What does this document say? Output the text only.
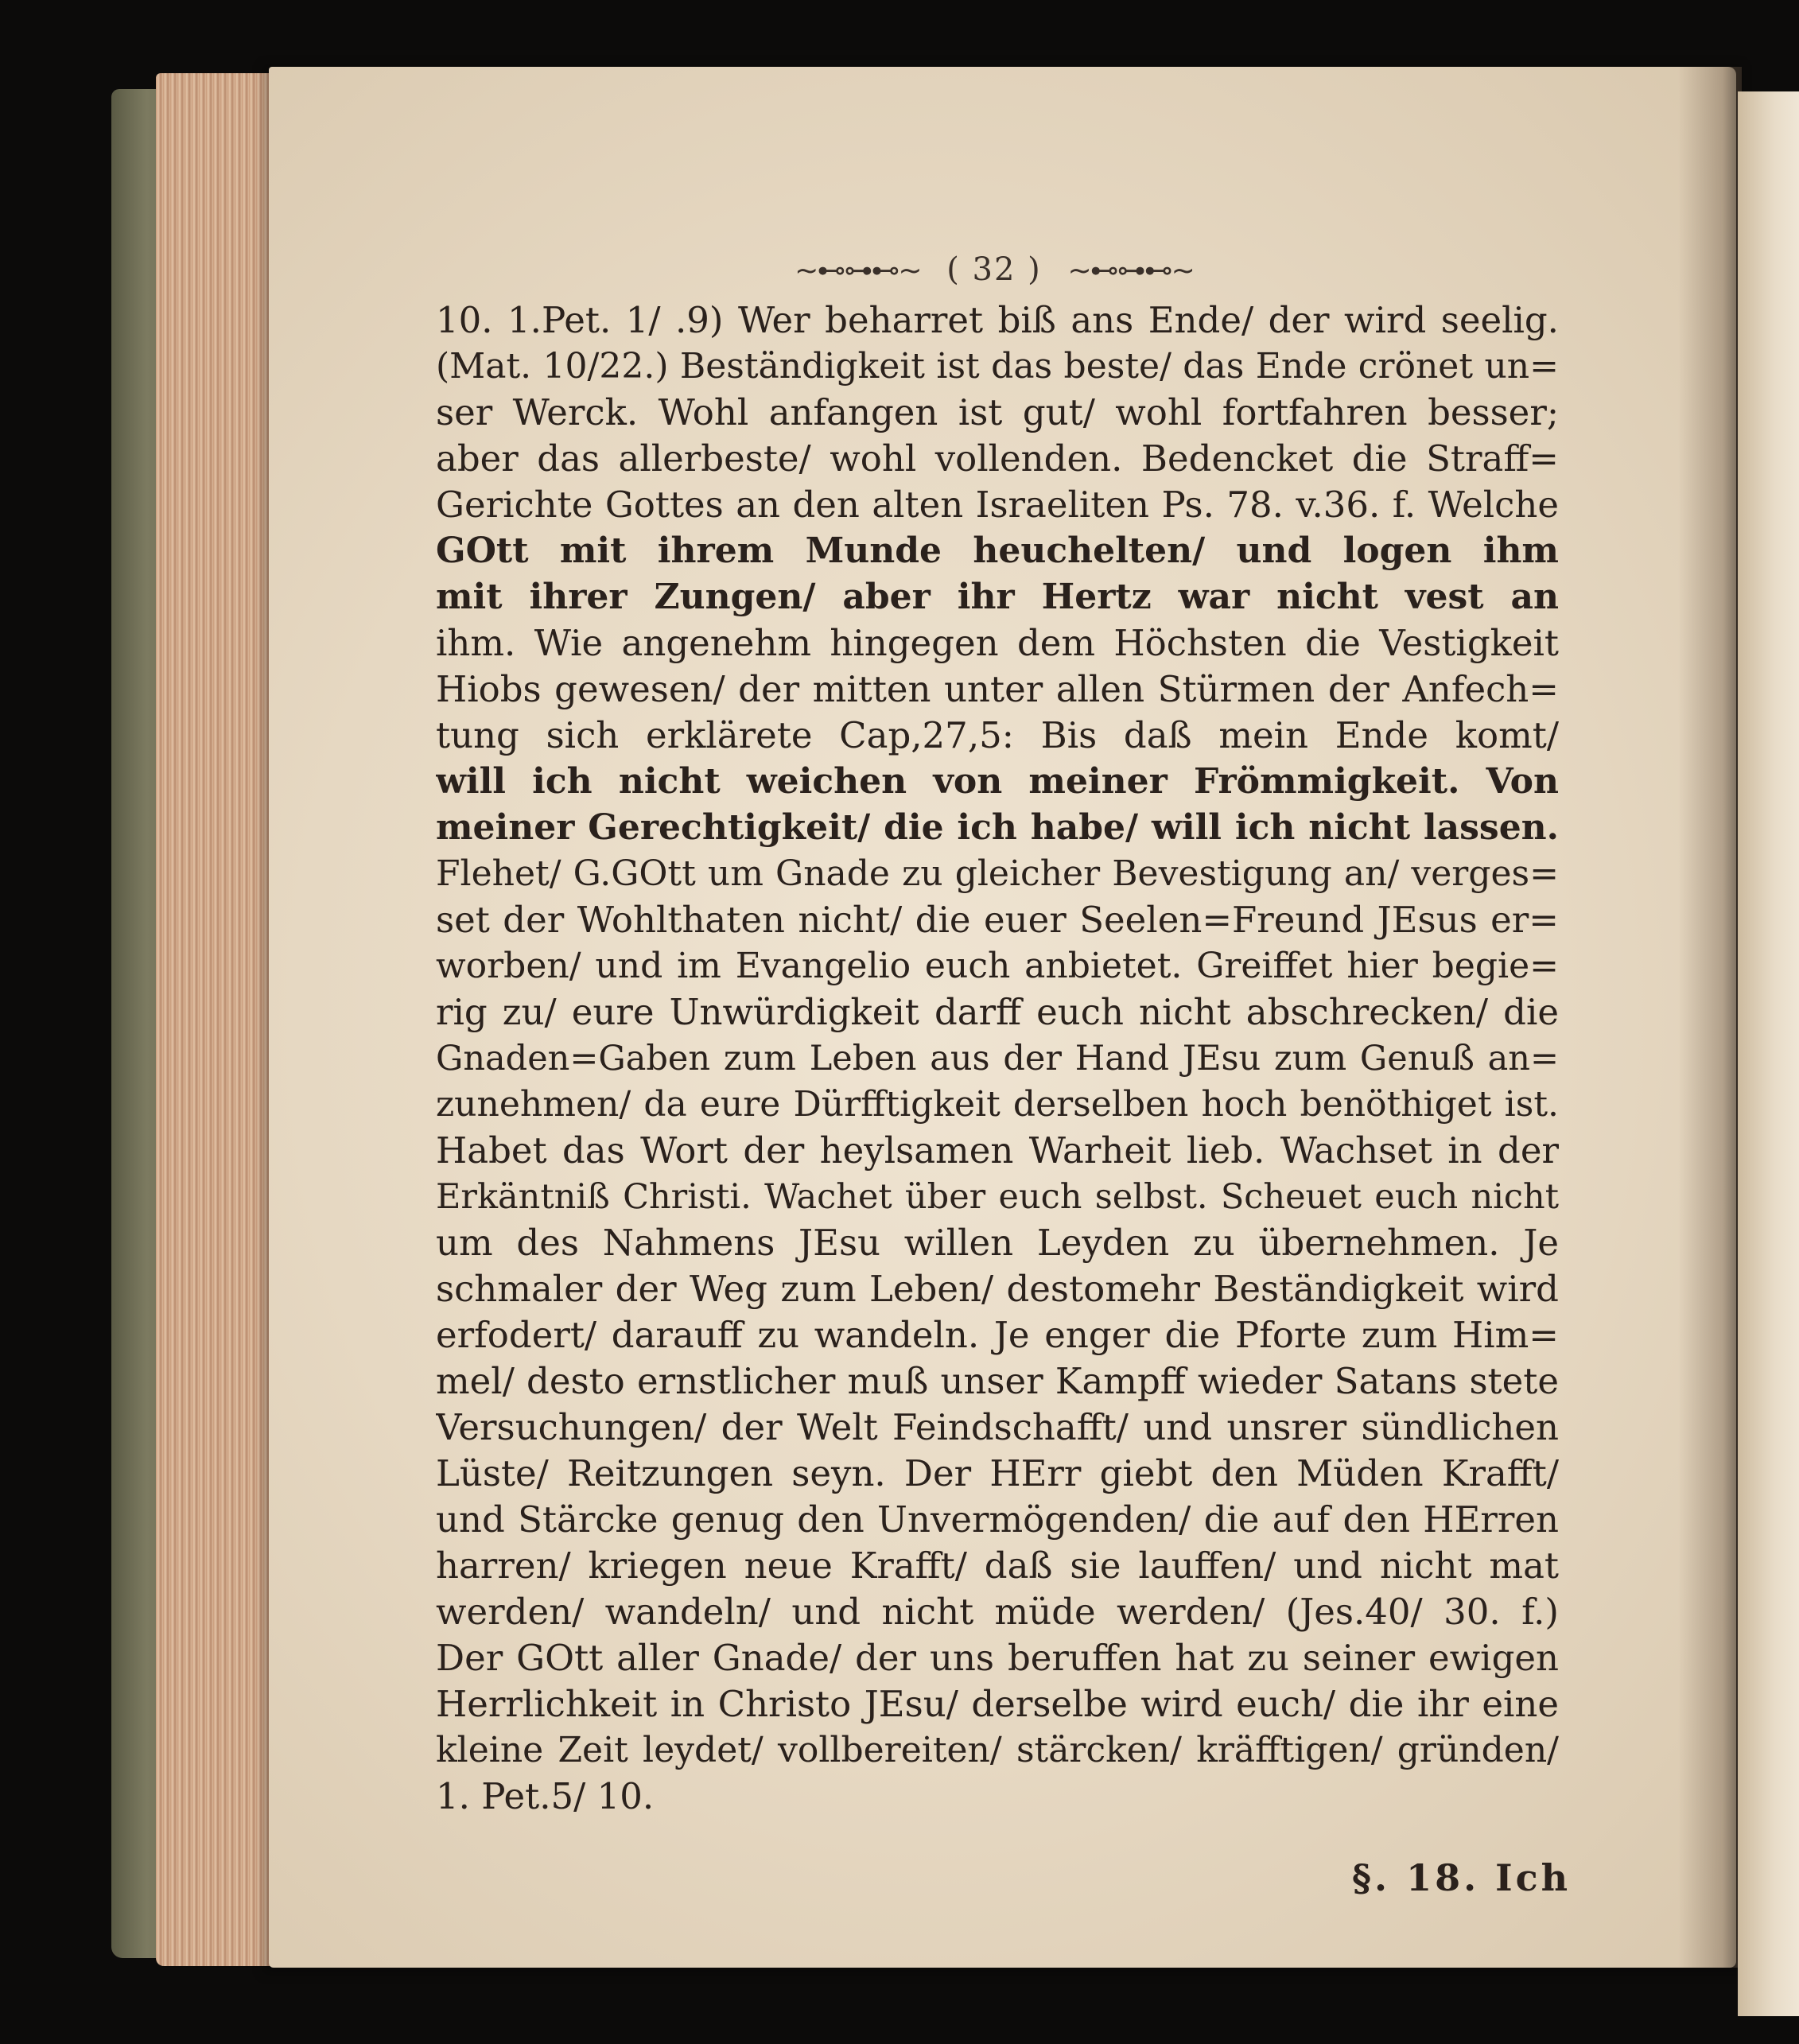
~⊷⊶⊷~ ( 32 ) ~⊷⊶⊷~
10. 1.Pet. 1/ .9) Wer beharret biß ans Ende/ der wird seelig.
(Mat. 10/22.) Beständigkeit ist das beste/ das Ende crönet un=
ser Werck. Wohl anfangen ist gut/ wohl fortfahren besser;
aber das allerbeste/ wohl vollenden. Bedencket die Straff=
Gerichte Gottes an den alten Israeliten Ps. 78. v.36. f. Welche
GOtt mit ihrem Munde heuchelten/ und logen ihm
mit ihrer Zungen/ aber ihr Hertz war nicht vest an
ihm. Wie angenehm hingegen dem Höchsten die Vestigkeit
Hiobs gewesen/ der mitten unter allen Stürmen der Anfech=
tung sich erklärete Cap,27,5: Bis daß mein Ende komt/
will ich nicht weichen von meiner Frömmigkeit. Von
meiner Gerechtigkeit/ die ich habe/ will ich nicht lassen.
Flehet/ G.GOtt um Gnade zu gleicher Bevestigung an/ verges=
set der Wohlthaten nicht/ die euer Seelen=Freund JEsus er=
worben/ und im Evangelio euch anbietet. Greiffet hier begie=
rig zu/ eure Unwürdigkeit darff euch nicht abschrecken/ die
Gnaden=Gaben zum Leben aus der Hand JEsu zum Genuß an=
zunehmen/ da eure Dürfftigkeit derselben hoch benöthiget ist.
Habet das Wort der heylsamen Warheit lieb. Wachset in der
Erkäntniß Christi. Wachet über euch selbst. Scheuet euch nicht
um des Nahmens JEsu willen Leyden zu übernehmen. Je
schmaler der Weg zum Leben/ destomehr Beständigkeit wird
erfodert/ darauff zu wandeln. Je enger die Pforte zum Him=
mel/ desto ernstlicher muß unser Kampff wieder Satans stete
Versuchungen/ der Welt Feindschafft/ und unsrer sündlichen
Lüste/ Reitzungen seyn. Der HErr giebt den Müden Krafft/
und Stärcke genug den Unvermögenden/ die auf den HErren
harren/ kriegen neue Krafft/ daß sie lauffen/ und nicht mat
werden/ wandeln/ und nicht müde werden/ (Jes.40/ 30. f.)
Der GOtt aller Gnade/ der uns beruffen hat zu seiner ewigen
Herrlichkeit in Christo JEsu/ derselbe wird euch/ die ihr eine
kleine Zeit leydet/ vollbereiten/ stärcken/ kräfftigen/ gründen/
1. Pet.5/ 10.
§. 18. Ich
